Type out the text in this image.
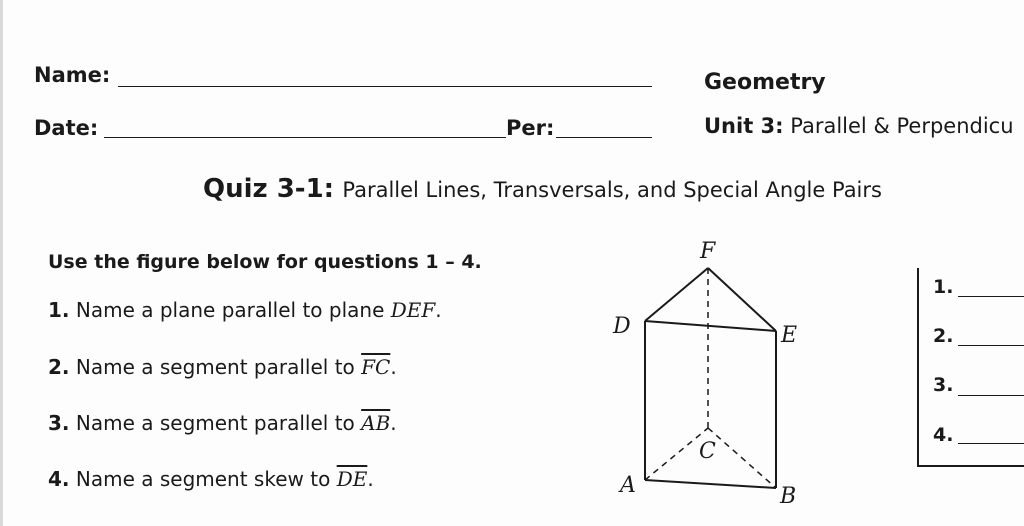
Name:
Date:	Per:
Geometry
Unit 3: Parallel & Perpendicu
Quiz 3-1: Parallel Lines, Transversals, and Special Angle Pairs
Use the figure below for questions 1 – 4.
1. Name a plane parallel to plane DEF.
2. Name a segment parallel to $\overline{FC}$.
3. Name a segment parallel to $\overline{AB}$.
4. Name a segment skew to $\overline{DE}$.
F
D	E
C
A	B
1.
2.
3.
4.
